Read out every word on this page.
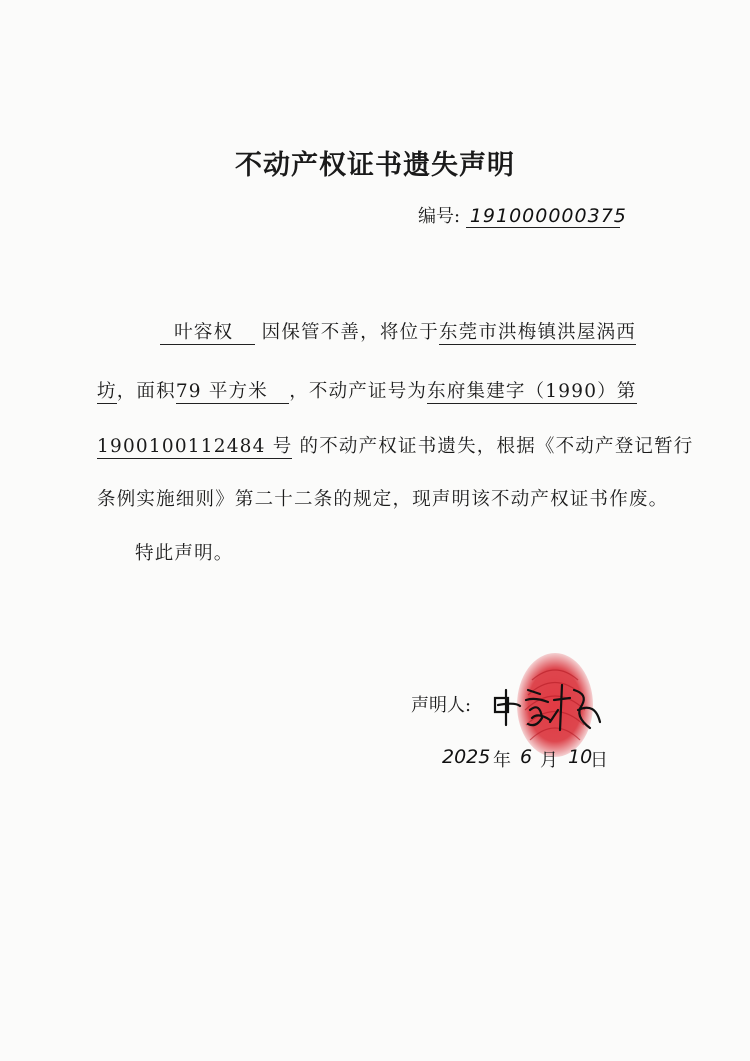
不动产权证书遗失声明
编号: 191000000375
叶容权 因保管不善，将位于东莞市洪梅镇洪屋涡西
坊，面积79 平方米 ，不动产证号为东府集建字（1990）第
1900100112484 号 的不动产权证书遗失，根据《不动产登记暂行
条例实施细则》第二十二条的规定，现声明该不动产权证书作废。
特此声明。
声明人:
2025 6 10
年 月 日
